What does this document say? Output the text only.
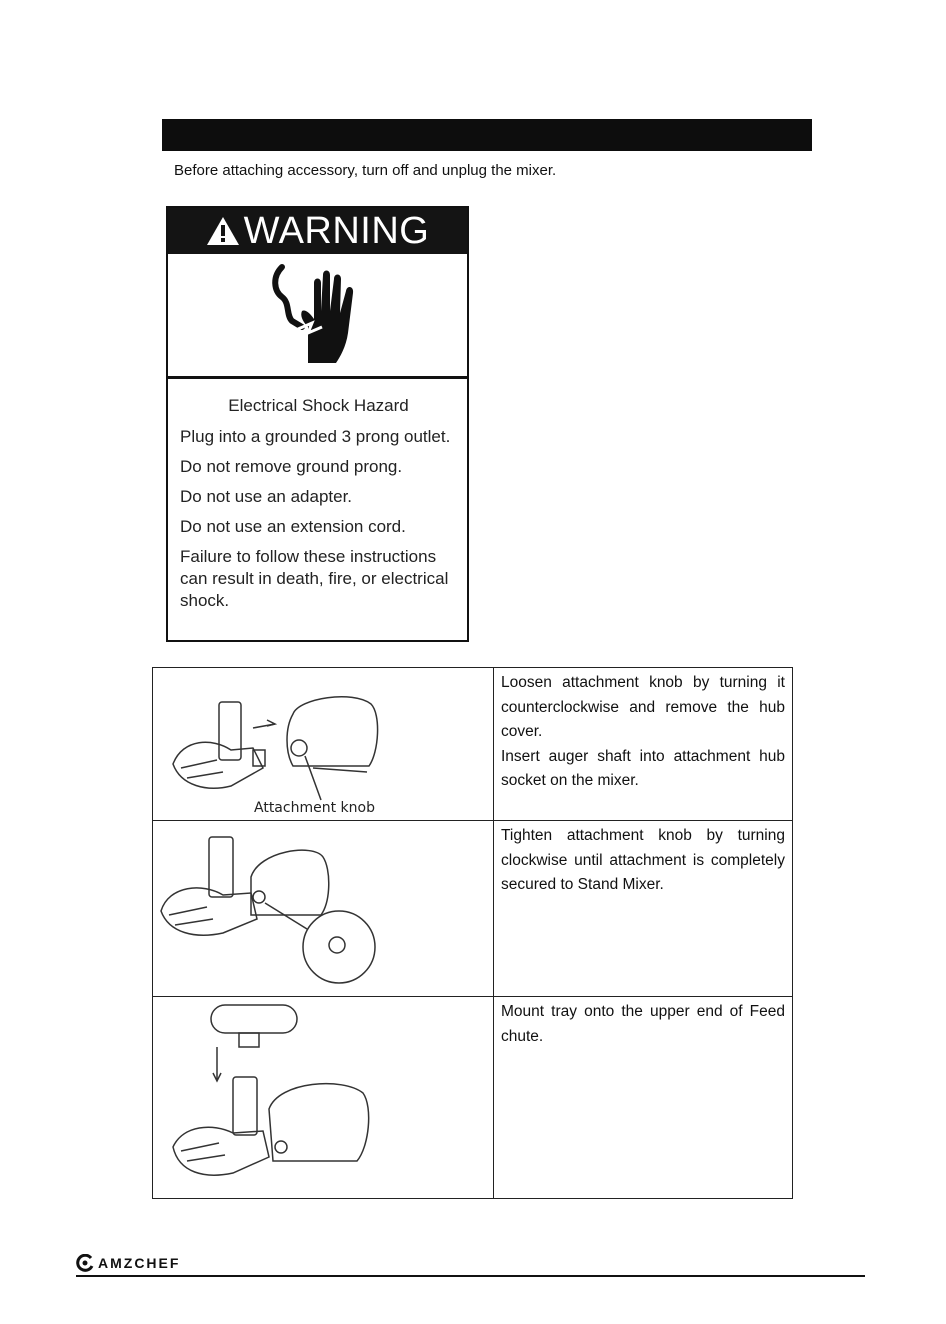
Before attaching accessory, turn off and unplug the mixer.
WARNING
Electrical Shock Hazard
Plug into a grounded 3 prong outlet.
Do not remove ground prong.
Do not use an adapter.
Do not use an extension cord.
Failure to follow these instructions can result in death, fire, or electrical shock.
Attachment knob	Loosen attachment knob by turning it counterclockwise and remove the hub cover.
Insert auger shaft into attachment hub socket on the mixer.

Tighten attachment knob by turning clockwise until attachment is completely secured to Stand Mixer.

Mount tray onto the upper end of Feed chute.
AMZCHEF
